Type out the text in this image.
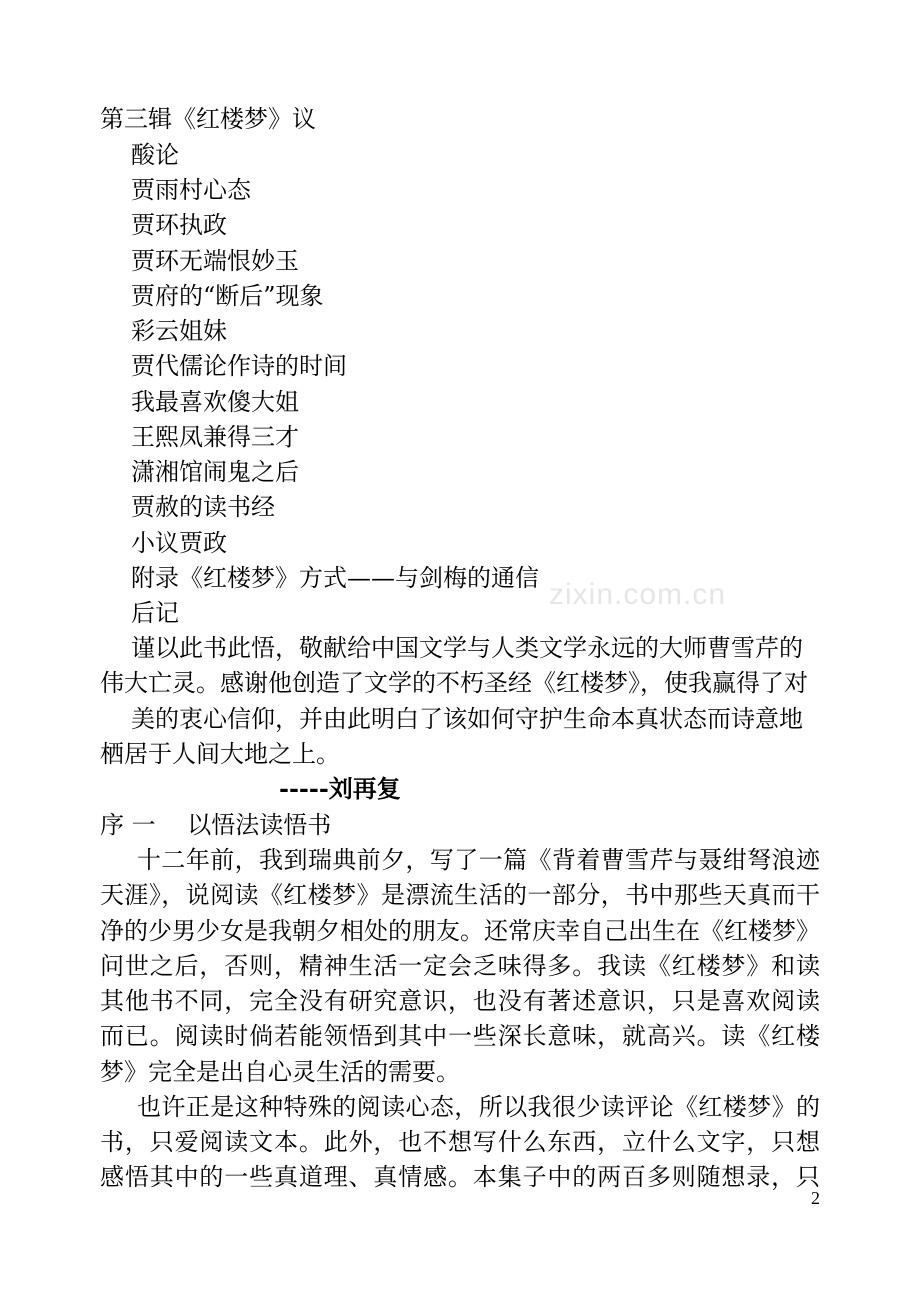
zixin.com.cn
第三辑《红楼梦》议
酸论
贾雨村心态
贾环执政
贾环无端恨妙玉
贾府的“断后”现象
彩云姐妹
贾代儒论作诗的时间
我最喜欢傻大姐
王熙凤兼得三才
潇湘馆闹鬼之后
贾赦的读书经
小议贾政
附录《红楼梦》方式——与剑梅的通信
后记
谨以此书此悟，敬献给中国文学与人类文学永远的大师曹雪芹的
伟大亡灵。感谢他创造了文学的不朽圣经《红楼梦》，使我赢得了对
美的衷心信仰，并由此明白了该如何守护生命本真状态而诗意地
栖居于人间大地之上。
-----刘再复
序 一　 以悟法读悟书
十二年前，我到瑞典前夕，写了一篇《背着曹雪芹与聂绀弩浪迹
天涯》，说阅读《红楼梦》是漂流生活的一部分，书中那些天真而干
净的少男少女是我朝夕相处的朋友。还常庆幸自己出生在《红楼梦》
问世之后，否则，精神生活一定会乏味得多。我读《红楼梦》和读
其他书不同，完全没有研究意识，也没有著述意识，只是喜欢阅读
而已。阅读时倘若能领悟到其中一些深长意味，就高兴。读《红楼
梦》完全是出自心灵生活的需要。
也许正是这种特殊的阅读心态，所以我很少读评论《红楼梦》的
书，只爱阅读文本。此外，也不想写什么东西，立什么文字，只想
感悟其中的一些真道理、真情感。本集子中的两百多则随想录，只
2
